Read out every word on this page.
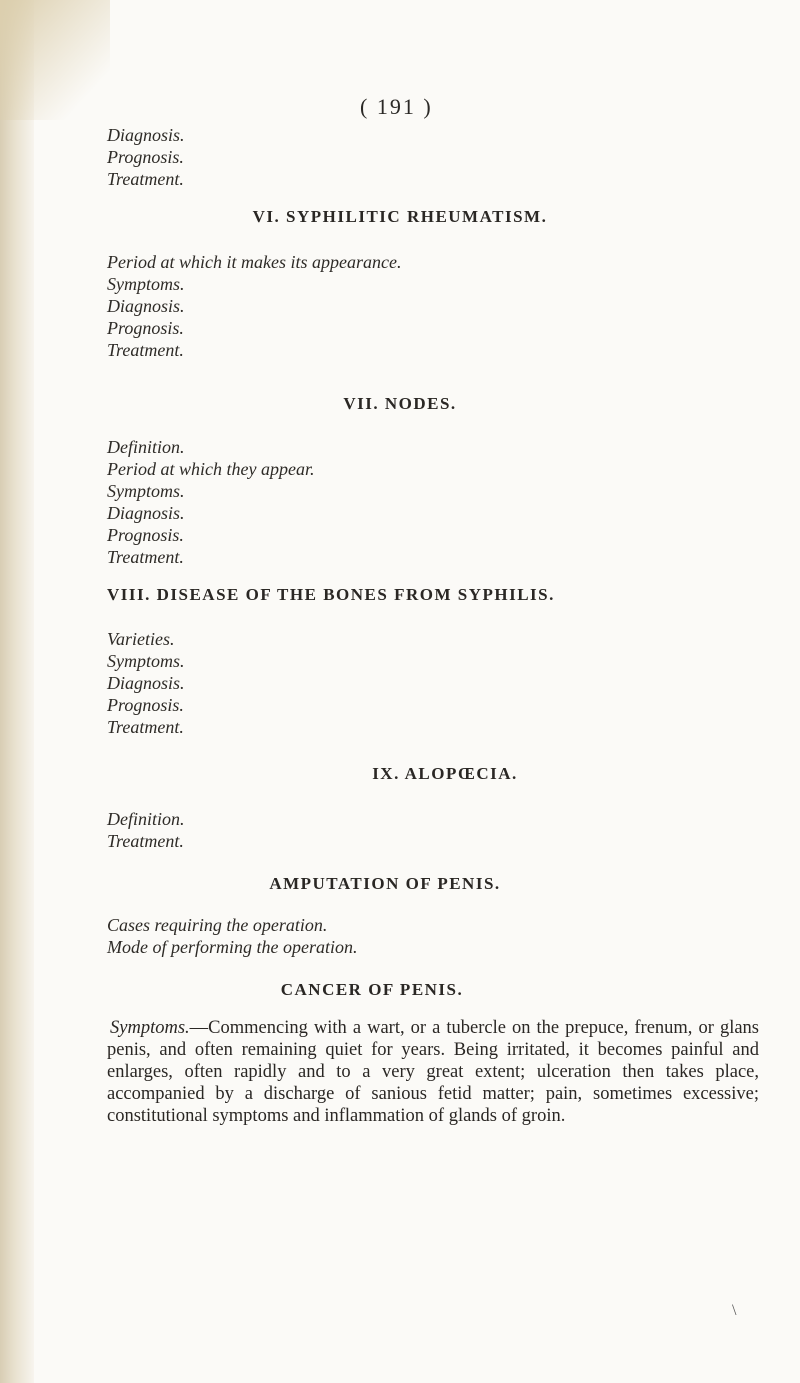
( 191 )
Diagnosis.
Prognosis.
Treatment.
VI. SYPHILITIC RHEUMATISM.
Period at which it makes its appearance.
Symptoms.
Diagnosis.
Prognosis.
Treatment.
VII. NODES.
Definition.
Period at which they appear.
Symptoms.
Diagnosis.
Prognosis.
Treatment.
VIII. DISEASE OF THE BONES FROM SYPHILIS.
Varieties.
Symptoms.
Diagnosis.
Prognosis.
Treatment.
IX. ALOPŒCIA.
Definition.
Treatment.
AMPUTATION OF PENIS.
Cases requiring the operation.
Mode of performing the operation.
CANCER OF PENIS.

Symptoms.—Commencing with a wart, or a tubercle on the prepuce, frenum, or glans penis, and often remaining quiet for years. Being irritated, it becomes painful and enlarges, often rapidly and to a very great extent; ulceration then takes place, accompanied by a discharge of sanious fetid matter; pain, sometimes excessive; constitutional symptoms and inflammation of glands of groin.

\
